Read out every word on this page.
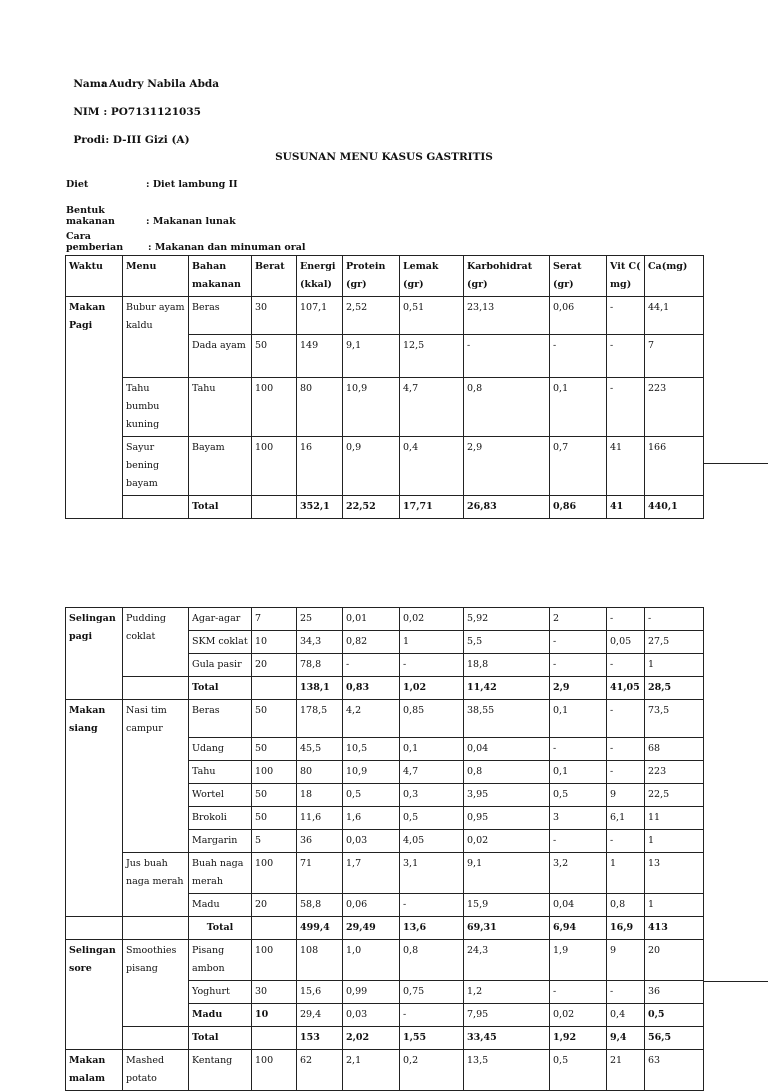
Nama: Audry Nabila Abda

NIM : PO7131121035

Prodi: D-III Gizi (A)

SUSUNAN MENU KASUS GASTRITIS
Diet	: Diet lambung II
Bentuk makanan	: Makanan lunak
Cara pemberian	: Makanan dan minuman oral
Waktu	Menu	Bahan makanan	Berat	Energi (kkal)	Protein (gr)	Lemak (gr)	Karbohidrat (gr)	Serat (gr)	Vit C( mg)	Ca(mg)
Makan Pagi	Bubur ayam kaldu	Beras	30	107,1	2,52	0,51	23,13	0,06	-	44,1
		Dada ayam	50	149	9,1	12,5	-	-	-	7
	Tahu bumbu kuning	Tahu	100	80	10,9	4,7	0,8	0,1	-	223
	Sayur bening bayam	Bayam	100	16	0,9	0,4	2,9	0,7	41	166
		Total		352,1	22,52	17,71	26,83	0,86	41	440,1
Selingan pagi	Pudding coklat	Agar-agar	7	25	0,01	0,02	5,92	2	-	-
		SKM coklat	10	34,3	0,82	1	5,5	-	0,05	27,5
		Gula pasir	20	78,8	-	-	18,8	-	-	1
		Total		138,1	0,83	1,02	11,42	2,9	41,05	28,5
Makan siang	Nasi tim campur	Beras	50	178,5	4,2	0,85	38,55	0,1	-	73,5
		Udang	50	45,5	10,5	0,1	0,04	-	-	68
		Tahu	100	80	10,9	4,7	0,8	0,1	-	223
		Wortel	50	18	0,5	0,3	3,95	0,5	9	22,5
		Brokoli	50	11,6	1,6	0,5	0,95	3	6,1	11
		Margarin	5	36	0,03	4,05	0,02	-	-	1
	Jus buah naga merah	Buah naga merah	100	71	1,7	3,1	9,1	3,2	1	13
		Madu	20	58,8	0,06	-	15,9	0,04	0,8	1
		Total		499,4	29,49	13,6	69,31	6,94	16,9	413
Selingan sore	Smoothies pisang	Pisang ambon	100	108	1,0	0,8	24,3	1,9	9	20
		Yoghurt	30	15,6	0,99	0,75	1,2	-	-	36
		Madu	10	29,4	0,03	-	7,95	0,02	0,4	0,5
		Total		153	2,02	1,55	33,45	1,92	9,4	56,5
Makan malam	Mashed potato	Kentang	100	62	2,1	0,2	13,5	0,5	21	63
